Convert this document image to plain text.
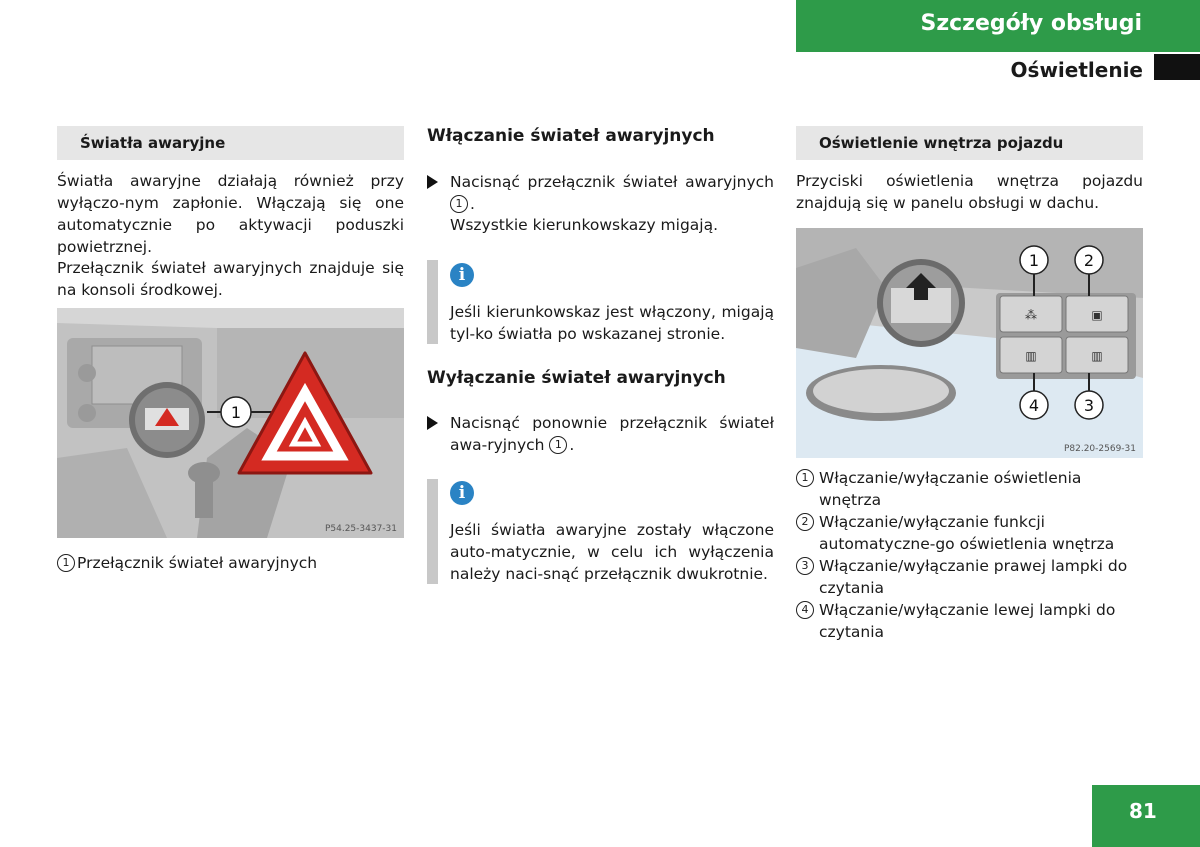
Szczegóły obsługi
Oświetlenie
Światła awaryjne
Światła awaryjne działają również przy wyłączo-nym zapłonie. Włączają się one automatycznie po aktywacji poduszki powietrznej.
Przełącznik świateł awaryjnych znajduje się na konsoli środkowej.
1
P54.25-3437-31
1 Przełącznik świateł awaryjnych
Włączanie świateł awaryjnych
Nacisnąć przełącznik świateł awaryjnych 1 .
Wszystkie kierunkowskazy migają.
i
Jeśli kierunkowskaz jest włączony, migają tyl-ko światła po wskazanej stronie.
Wyłączanie świateł awaryjnych
Nacisnąć ponownie przełącznik świateł awa-ryjnych 1 .
i
Jeśli światła awaryjne zostały włączone auto-matycznie, w celu ich wyłączenia należy naci-snąć przełącznik dwukrotnie.
Oświetlenie wnętrza pojazdu
Przyciski oświetlenia wnętrza pojazdu znajdują się w panelu obsługi w dachu.
⁂	▣
▥	▥
1	2
4	3
P82.20-2569-31
1 Włączanie/wyłączanie oświetlenia wnętrza
2 Włączanie/wyłączanie funkcji automatyczne-go oświetlenia wnętrza
3 Włączanie/wyłączanie prawej lampki do czytania
4 Włączanie/wyłączanie lewej lampki do czytania
81
